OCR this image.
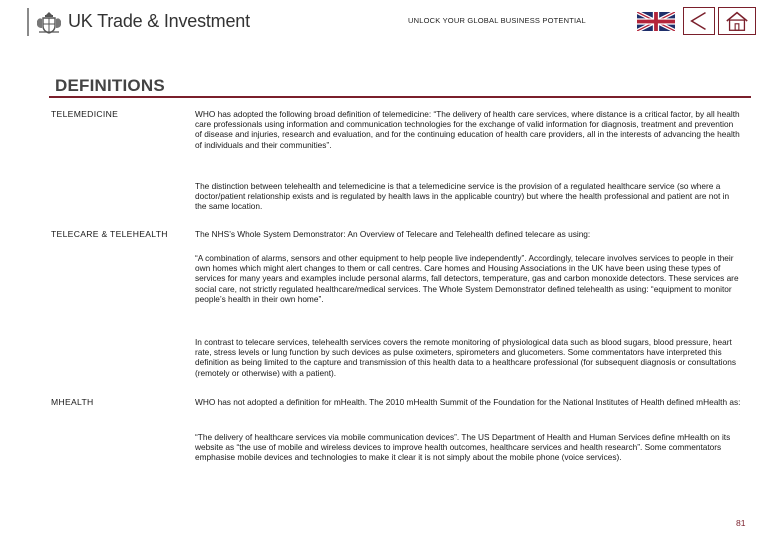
UK Trade & Investment	UNLOCK YOUR GLOBAL BUSINESS POTENTIAL
DEFINITIONS
TELEMEDICINE	WHO has adopted the following broad definition of telemedicine: “The delivery of health care services, where distance is a critical factor, by all health care professionals using information and communication technologies for the exchange of valid information for diagnosis, treatment and prevention of disease and injuries, research and evaluation, and for the continuing education of health care providers, all in the interests of advancing the health of individuals and their communities”.

The distinction between telehealth and telemedicine is that a telemedicine service is the provision of a regulated healthcare service (so where a doctor/patient relationship exists and is regulated by health laws in the applicable country) but where the health professional and patient are not in the same location.

TELECARE & TELEHEALTH	The NHS’s Whole System Demonstrator: An Overview of Telecare and Telehealth defined telecare as using:

“A combination of alarms, sensors and other equipment to help people live independently”. Accordingly, telecare involves services to people in their own homes which might alert changes to them or call centres. Care homes and Housing Associations in the UK have been using these types of services for many years and examples include personal alarms, fall detectors, temperature, gas and carbon monoxide detectors. These services are social care, not strictly regulated healthcare/medical services. The Whole System Demonstrator defined telehealth as using: “equipment to monitor people’s health in their own home”.

In contrast to telecare services, telehealth services covers the remote monitoring of physiological data such as blood sugars, blood pressure, heart rate, stress levels or lung function by such devices as pulse oximeters, spirometers and glucometers. Some commentators have interpreted this definition as being limited to the capture and transmission of this health data to a healthcare professional (for subsequent diagnosis or consultations (remotely or otherwise) with a patient).

MHEALTH	WHO has not adopted a definition for mHealth. The 2010 mHealth Summit of the Foundation for the National Institutes of Health defined mHealth as:

“The delivery of healthcare services via mobile communication devices”. The US Department of Health and Human Services define mHealth on its website as “the use of mobile and wireless devices to improve health outcomes, healthcare services and health research”. Some commentators emphasise mobile devices and technologies to make it clear it is not simply about the mobile phone (voice services).

81
